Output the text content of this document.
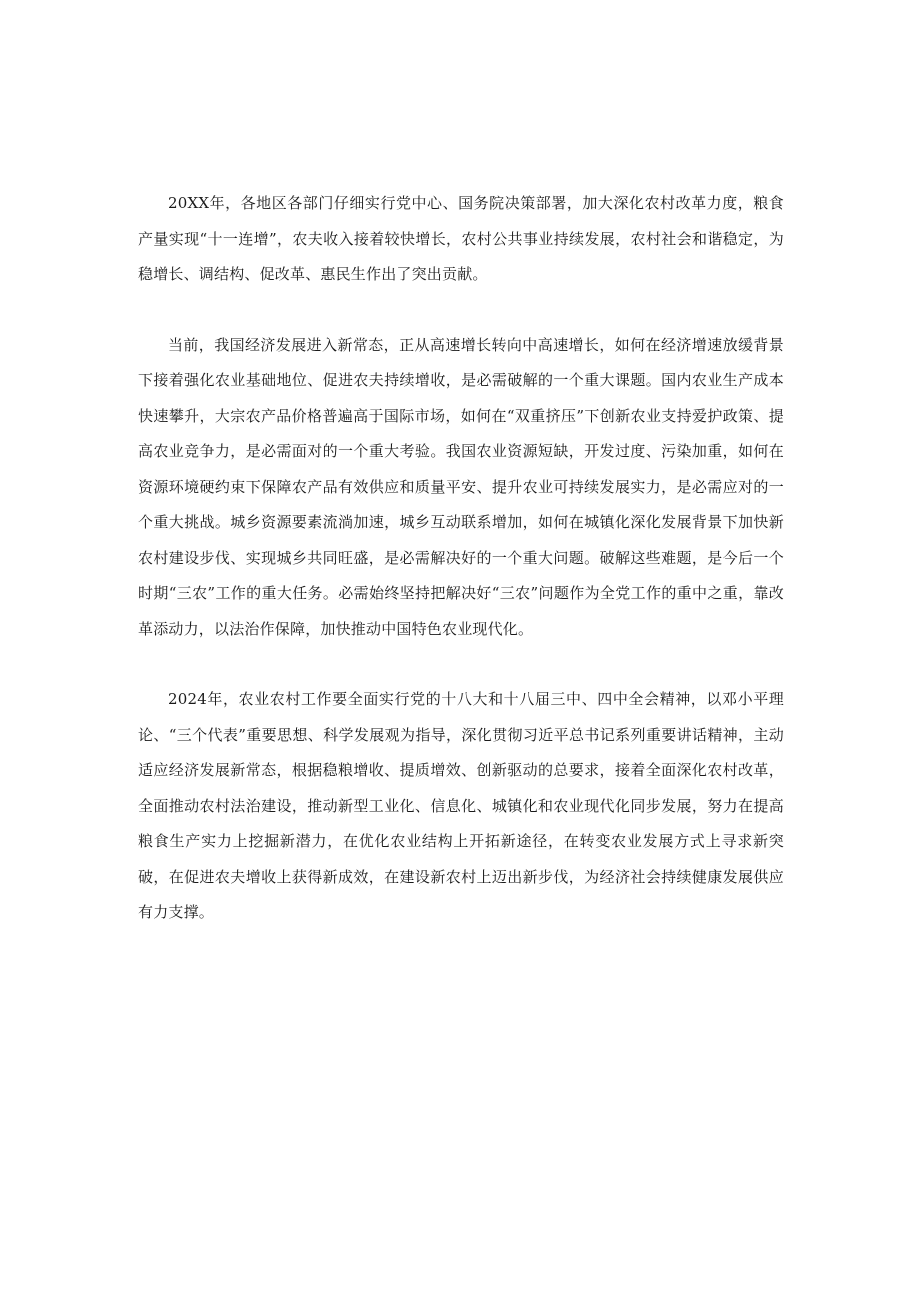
20XX年，各地区各部门仔细实行党中心、国务院决策部署，加大深化农村改革力度，粮食产量实现“十一连增”，农夫收入接着较快增长，农村公共事业持续发展，农村社会和谐稳定，为稳增长、调结构、促改革、惠民生作出了突出贡献。

当前，我国经济发展进入新常态，正从高速增长转向中高速增长，如何在经济增速放缓背景下接着强化农业基础地位、促进农夫持续增收，是必需破解的一个重大课题。国内农业生产成本快速攀升，大宗农产品价格普遍高于国际市场，如何在“双重挤压”下创新农业支持爱护政策、提高农业竞争力，是必需面对的一个重大考验。我国农业资源短缺，开发过度、污染加重，如何在资源环境硬约束下保障农产品有效供应和质量平安、提升农业可持续发展实力，是必需应对的一个重大挑战。城乡资源要素流淌加速，城乡互动联系增加，如何在城镇化深化发展背景下加快新农村建设步伐、实现城乡共同旺盛，是必需解决好的一个重大问题。破解这些难题，是今后一个时期“三农”工作的重大任务。必需始终坚持把解决好“三农”问题作为全党工作的重中之重，靠改革添动力，以法治作保障，加快推动中国特色农业现代化。

2024年，农业农村工作要全面实行党的十八大和十八届三中、四中全会精神，以邓小平理论、“三个代表”重要思想、科学发展观为指导，深化贯彻习近平总书记系列重要讲话精神，主动适应经济发展新常态，根据稳粮增收、提质增效、创新驱动的总要求，接着全面深化农村改革，全面推动农村法治建设，推动新型工业化、信息化、城镇化和农业现代化同步发展，努力在提高粮食生产实力上挖掘新潜力，在优化农业结构上开拓新途径，在转变农业发展方式上寻求新突破，在促进农夫增收上获得新成效，在建设新农村上迈出新步伐，为经济社会持续健康发展供应有力支撑。
